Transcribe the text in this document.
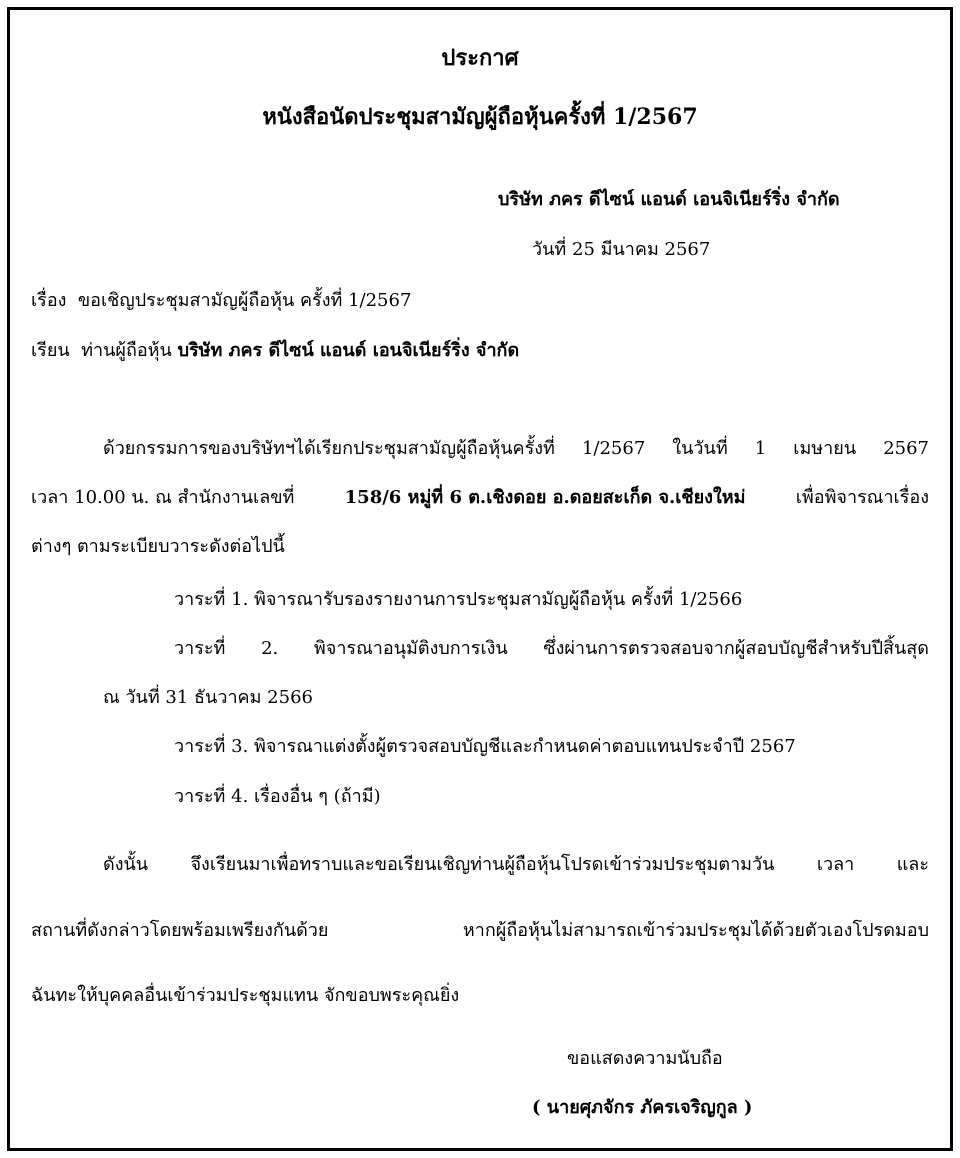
ประกาศ
หนังสือนัดประชุมสามัญผู้ถือหุ้นครั้งที่ 1/2567
บริษัท ภคร ดีไซน์ แอนด์ เอนจิเนียร์ริ่ง จำกัด
วันที่ 25 มีนาคม 2567
เรื่อง ขอเชิญประชุมสามัญผู้ถือหุ้น ครั้งที่ 1/2567
เรียน ท่านผู้ถือหุ้น บริษัท ภคร ดีไซน์ แอนด์ เอนจิเนียร์ริ่ง จำกัด
ด้วยกรรมการของบริษัทฯได้เรียกประชุมสามัญผู้ถือหุ้นครั้งที่ 1/2567 ในวันที่ 1 เมษายน 2567
เวลา 10.00 น. ณ สำนักงานเลขที่	158/6 หมู่ที่ 6 ต.เชิงดอย อ.ดอยสะเก็ด จ.เชียงใหม่	เพื่อพิจารณาเรื่อง
ต่างๆ ตามระเบียบวาระดังต่อไปนี้
วาระที่ 1. พิจารณารับรองรายงานการประชุมสามัญผู้ถือหุ้น ครั้งที่ 1/2566
วาระที่ 2. พิจารณาอนุมัติงบการเงิน ซึ่งผ่านการตรวจสอบจากผู้สอบบัญชีสำหรับปีสิ้นสุด
ณ วันที่ 31 ธันวาคม 2566
วาระที่ 3. พิจารณาแต่งตั้งผู้ตรวจสอบบัญชีและกำหนดค่าตอบแทนประจำปี 2567
วาระที่ 4. เรื่องอื่น ๆ (ถ้ามี)
ดังนั้น จึงเรียนมาเพื่อทราบและขอเรียนเชิญท่านผู้ถือหุ้นโปรดเข้าร่วมประชุมตามวัน เวลา และ
สถานที่ดังกล่าวโดยพร้อมเพรียงกันด้วย หากผู้ถือหุ้นไม่สามารถเข้าร่วมประชุมได้ด้วยตัวเองโปรดมอบ
ฉันทะให้บุคคลอื่นเข้าร่วมประชุมแทน จักขอบพระคุณยิ่ง
ขอแสดงความนับถือ
( นายศุภจักร ภัครเจริญกูล )
